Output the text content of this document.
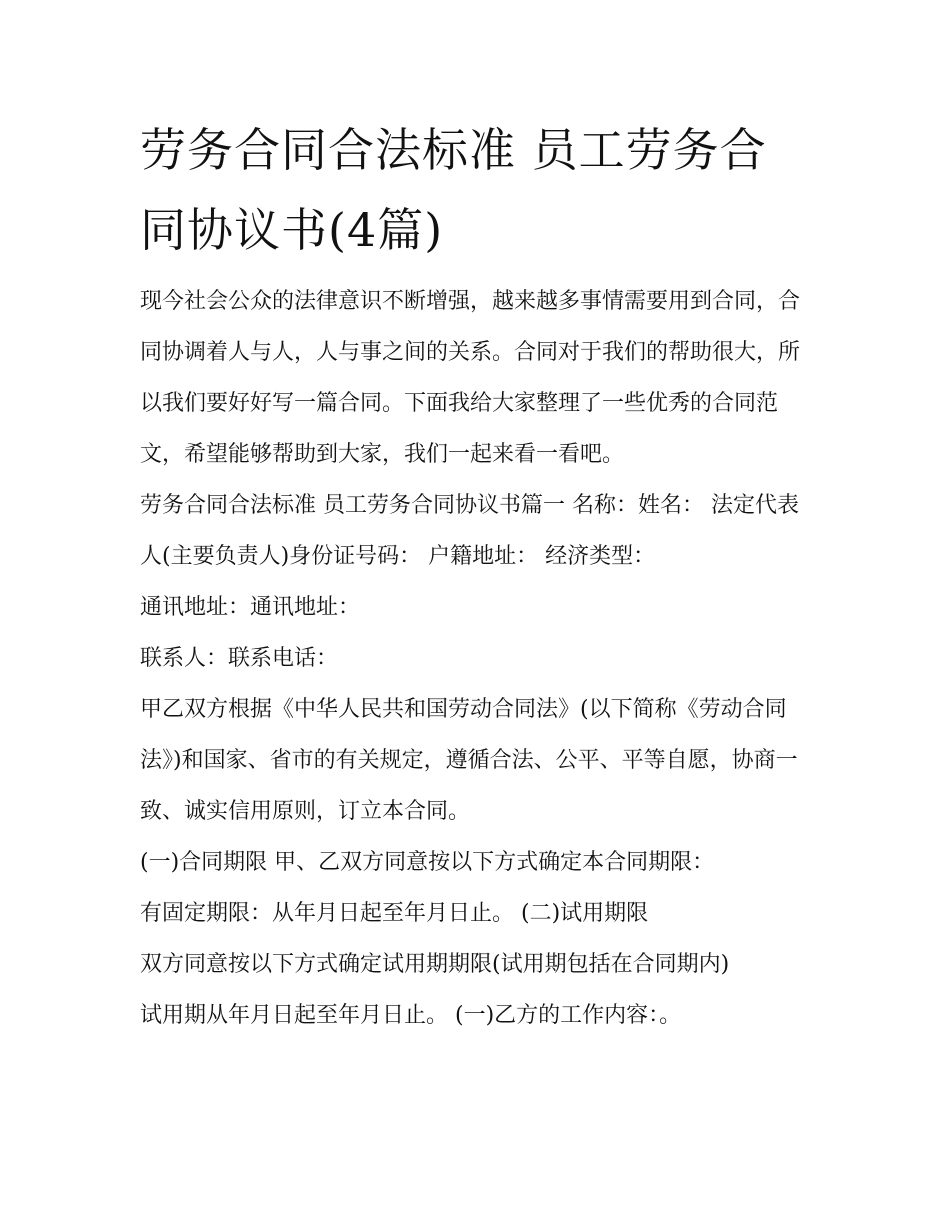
劳务合同合法标准 员工劳务合同协议书(4篇)

现今社会公众的法律意识不断增强，越来越多事情需要用到合同，合同协调着人与人，人与事之间的关系。合同对于我们的帮助很大，所以我们要好好写一篇合同。下面我给大家整理了一些优秀的合同范文，希望能够帮助到大家，我们一起来看一看吧。

劳务合同合法标准 员工劳务合同协议书篇一 名称：姓名： 法定代表人(主要负责人)身份证号码： 户籍地址： 经济类型：

通讯地址：通讯地址：

联系人：联系电话：

甲乙双方根据《中华人民共和国劳动合同法》(以下简称《劳动合同法》)和国家、省市的有关规定，遵循合法、公平、平等自愿，协商一致、诚实信用原则，订立本合同。

(一)合同期限 甲、乙双方同意按以下方式确定本合同期限：

有固定期限：从年月日起至年月日止。 (二)试用期限

双方同意按以下方式确定试用期期限(试用期包括在合同期内)

试用期从年月日起至年月日止。 (一)乙方的工作内容：。
